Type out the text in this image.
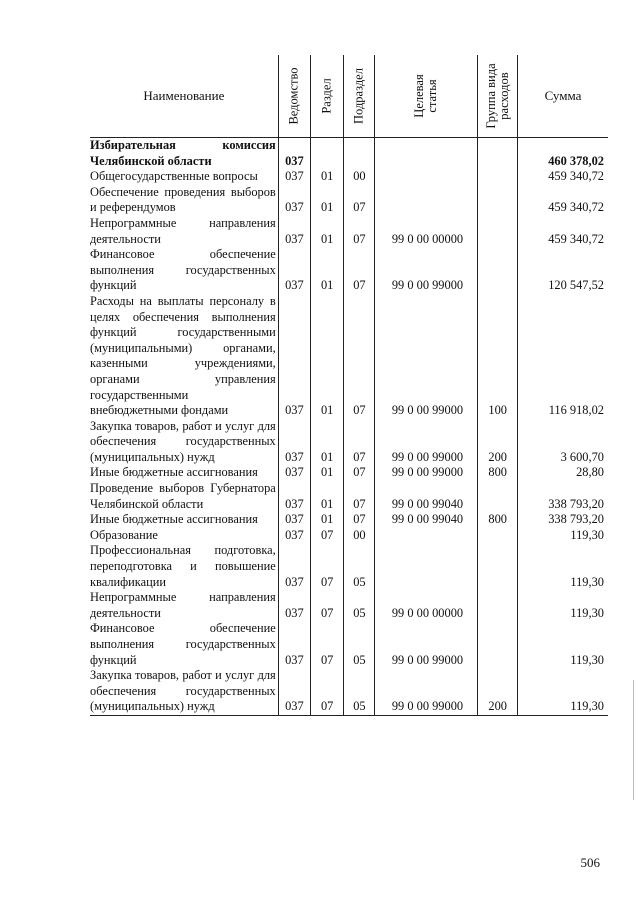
Наименование	Ведомство	Раздел	Подраздел	Целевая статья	Группа вида расходов	Сумма
Избирательная комиссия Челябинской области	037					460 378,02
Общегосударственные вопросы	037	01	00			459 340,72
Обеспечение проведения выборов и референдумов	037	01	07			459 340,72
Непрограммные направления деятельности	037	01	07	99 0 00 00000		459 340,72
Финансовое обеспечение выполнения государственных функций	037	01	07	99 0 00 99000		120 547,52
Расходы на выплаты персоналу в целях обеспечения выполнения функций государственными (муниципальными) органами, казенными учреждениями, органами управления государственными внебюджетными фондами	037	01	07	99 0 00 99000	100	116 918,02
Закупка товаров, работ и услуг для обеспечения государственных (муниципальных) нужд	037	01	07	99 0 00 99000	200	3 600,70
Иные бюджетные ассигнования	037	01	07	99 0 00 99000	800	28,80
Проведение выборов Губернатора Челябинской области	037	01	07	99 0 00 99040		338 793,20
Иные бюджетные ассигнования	037	01	07	99 0 00 99040	800	338 793,20
Образование	037	07	00			119,30
Профессиональная подготовка, переподготовка и повышение квалификации	037	07	05			119,30
Непрограммные направления деятельности	037	07	05	99 0 00 00000		119,30
Финансовое обеспечение выполнения государственных функций	037	07	05	99 0 00 99000		119,30
Закупка товаров, работ и услуг для обеспечения государственных (муниципальных) нужд	037	07	05	99 0 00 99000	200	119,30
506
